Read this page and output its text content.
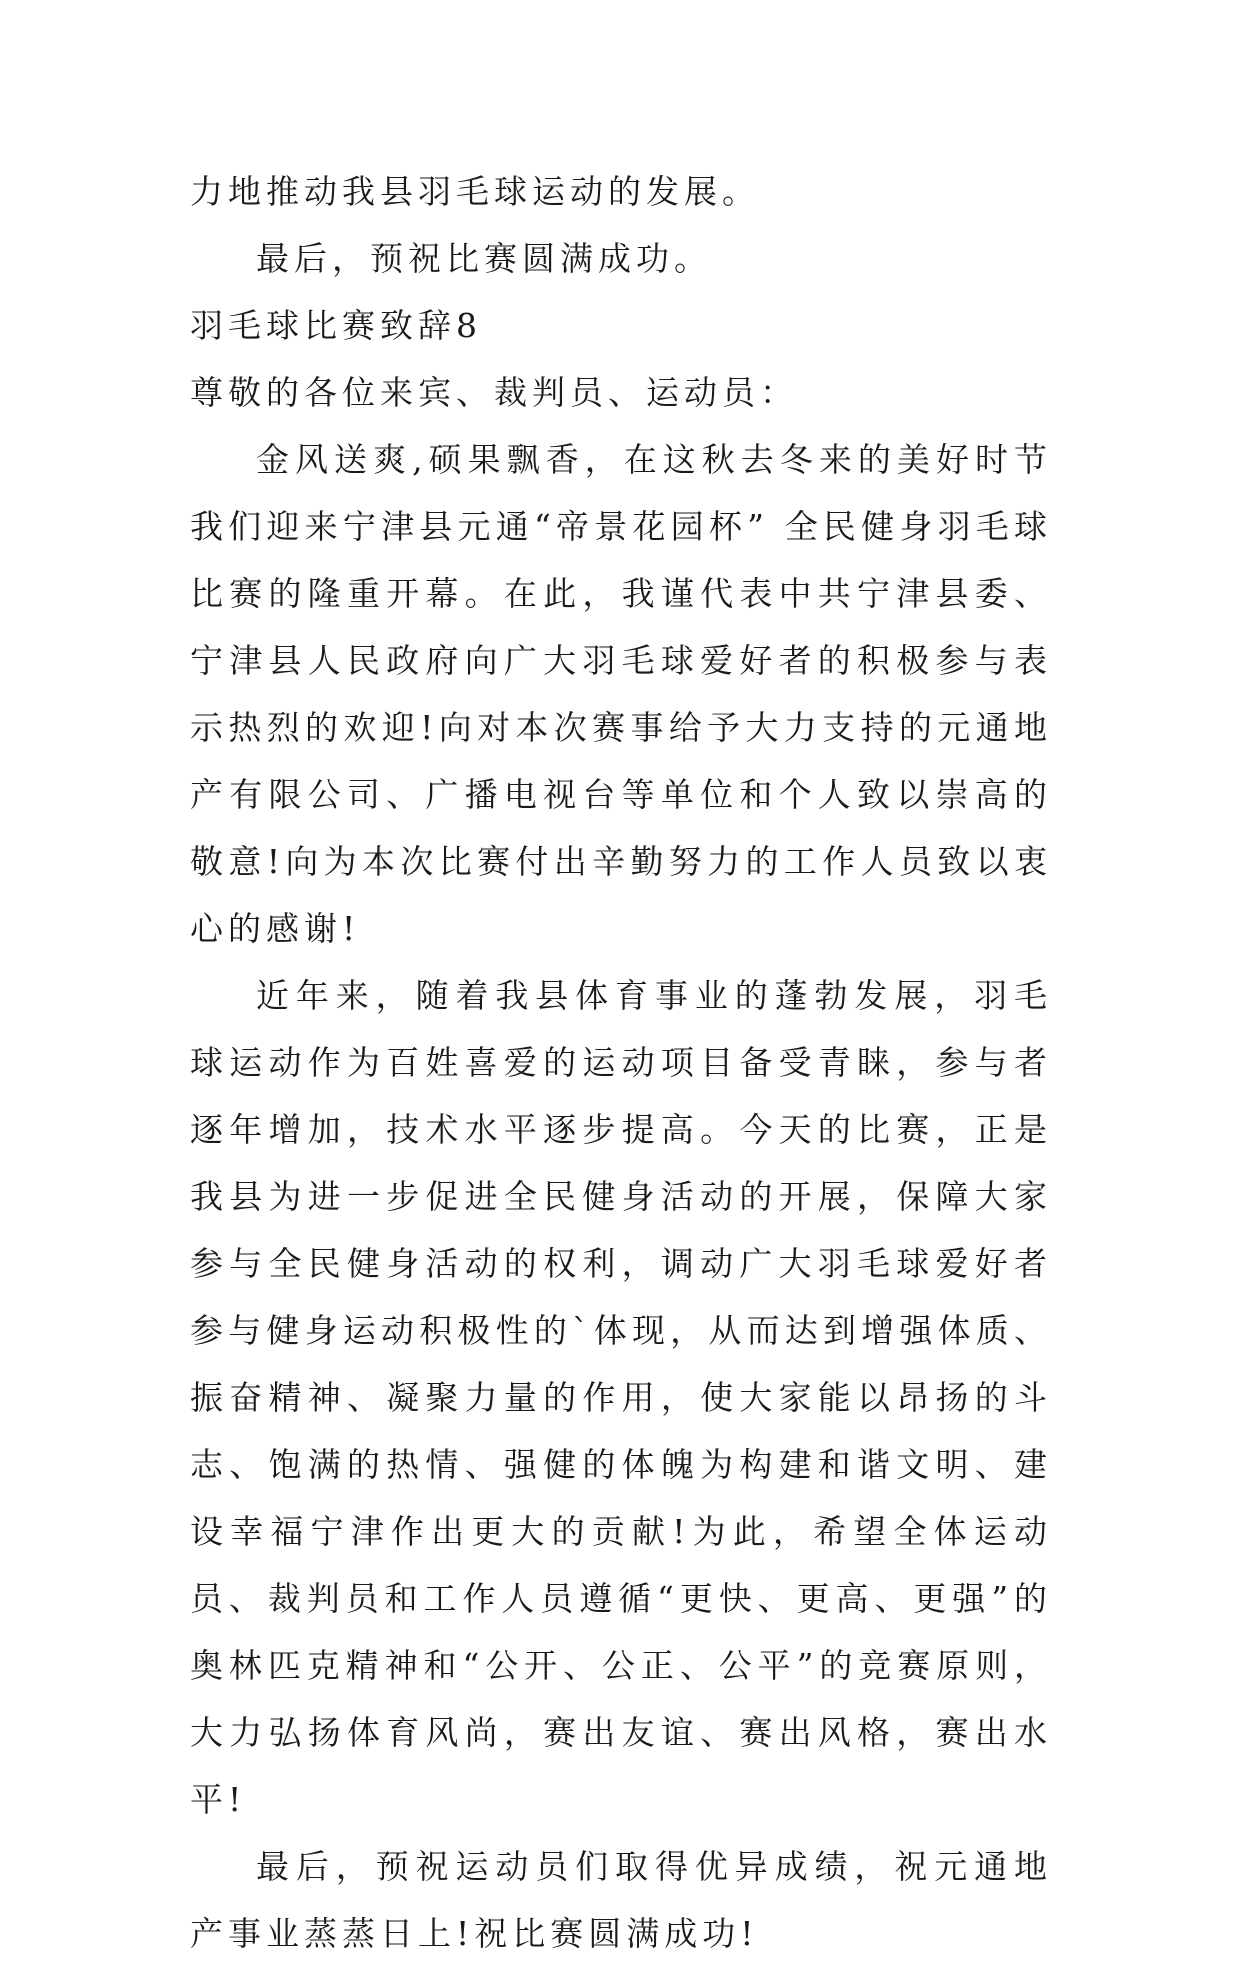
力地推动我县羽毛球运动的发展。

最后，预祝比赛圆满成功。

羽毛球比赛致辞8

尊敬的各位来宾、裁判员、运动员：

金风送爽,硕果飘香，在这秋去冬来的美好时节我们迎来宁津县元通“帝景花园杯” 全民健身羽毛球比赛的隆重开幕。在此，我谨代表中共宁津县委、宁津县人民政府向广大羽毛球爱好者的积极参与表示热烈的欢迎!向对本次赛事给予大力支持的元通地产有限公司、广播电视台等单位和个人致以崇高的敬意!向为本次比赛付出辛勤努力的工作人员致以衷心的感谢!

近年来，随着我县体育事业的蓬勃发展，羽毛球运动作为百姓喜爱的运动项目备受青睐，参与者逐年增加，技术水平逐步提高。今天的比赛，正是我县为进一步促进全民健身活动的开展，保障大家参与全民健身活动的权利，调动广大羽毛球爱好者参与健身运动积极性的`体现，从而达到增强体质、振奋精神、凝聚力量的作用，使大家能以昂扬的斗志、饱满的热情、强健的体魄为构建和谐文明、建设幸福宁津作出更大的贡献!为此，希望全体运动员、裁判员和工作人员遵循“更快、更高、更强”的奥林匹克精神和“公开、公正、公平”的竞赛原则，大力弘扬体育风尚，赛出友谊、赛出风格，赛出水平!

最后，预祝运动员们取得优异成绩，祝元通地产事业蒸蒸日上!祝比赛圆满成功!
